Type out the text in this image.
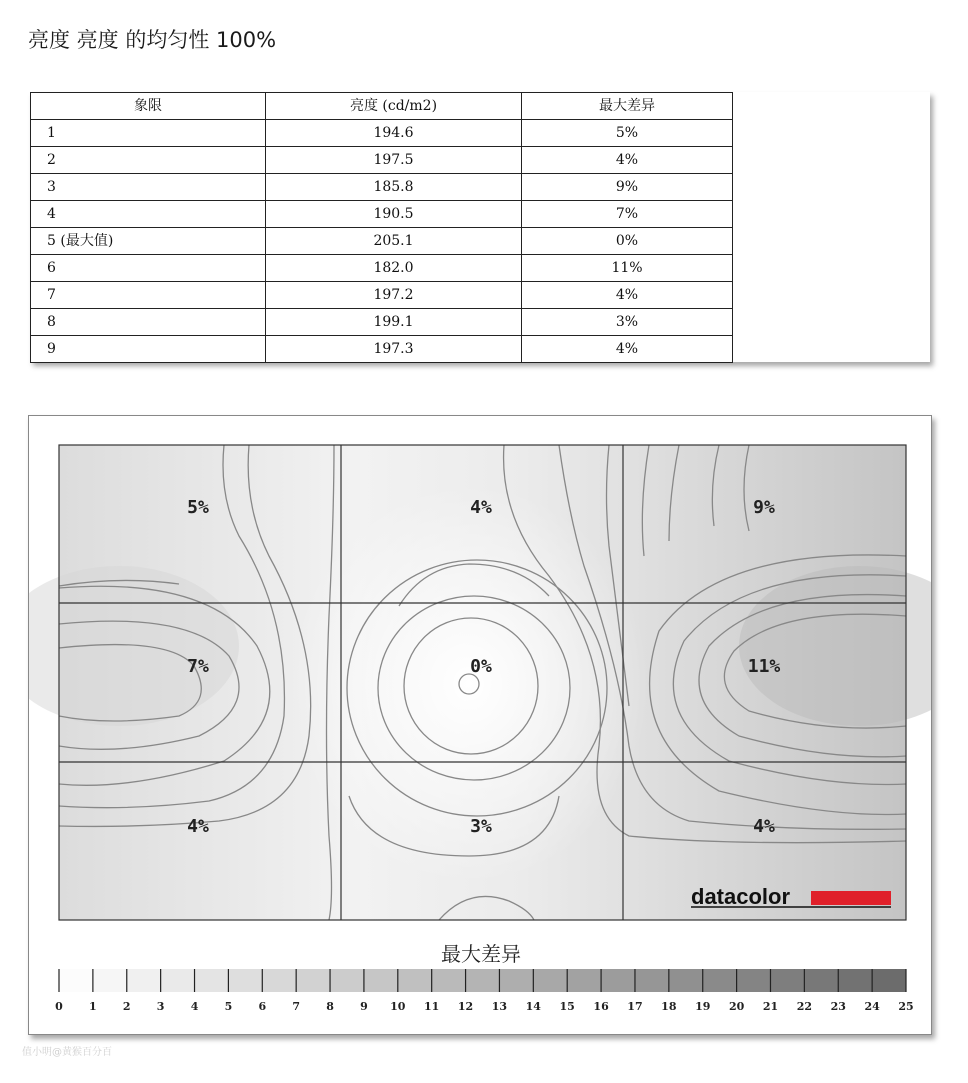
亮度 亮度 的均匀性 100%
象限	亮度 (cd/m2)	最大差异
1	194.6	5%
2	197.5	4%
3	185.8	9%
4	190.5	7%
5 (最大值)	205.1	0%
6	182.0	11%
7	197.2	4%
8	199.1	3%
9	197.3	4%
5%	4%	9%
7%	0%	11%
4%	3%	4%
datacolor
最大差异
0 1 2 3 4 5 6 7 8 9 10 11 12 13 14 15 16 17 18 19 20 21 22 23 24 25
值小明@黄猴百分百
